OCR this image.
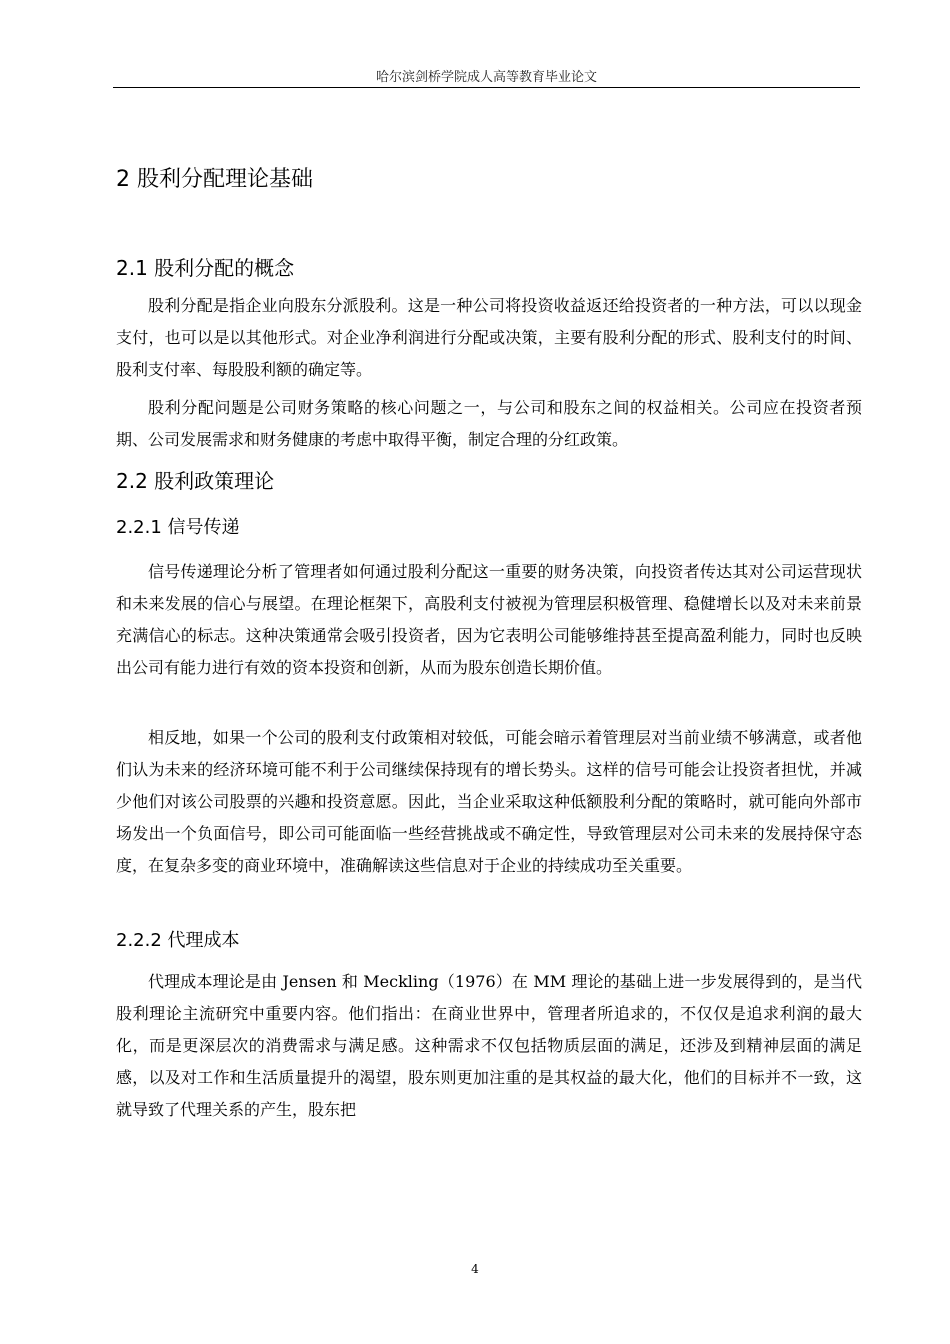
哈尔滨剑桥学院成人高等教育毕业论文
2 股利分配理论基础
2.1 股利分配的概念

股利分配是指企业向股东分派股利。这是一种公司将投资收益返还给投资者的一种方法，可以以现金支付，也可以是以其他形式。对企业净利润进行分配或决策，主要有股利分配的形式、股利支付的时间、股利支付率、每股股利额的确定等。

股利分配问题是公司财务策略的核心问题之一，与公司和股东之间的权益相关。公司应在投资者预期、公司发展需求和财务健康的考虑中取得平衡，制定合理的分红政策。

2.2 股利政策理论
2.2.1 信号传递

信号传递理论分析了管理者如何通过股利分配这一重要的财务决策，向投资者传达其对公司运营现状和未来发展的信心与展望。在理论框架下，高股利支付被视为管理层积极管理、稳健增长以及对未来前景充满信心的标志。这种决策通常会吸引投资者，因为它表明公司能够维持甚至提高盈利能力，同时也反映出公司有能力进行有效的资本投资和创新，从而为股东创造长期价值。

相反地，如果一个公司的股利支付政策相对较低，可能会暗示着管理层对当前业绩不够满意，或者他们认为未来的经济环境可能不利于公司继续保持现有的增长势头。这样的信号可能会让投资者担忧，并减少他们对该公司股票的兴趣和投资意愿。因此，当企业采取这种低额股利分配的策略时，就可能向外部市场发出一个负面信号，即公司可能面临一些经营挑战或不确定性，导致管理层对公司未来的发展持保守态度，在复杂多变的商业环境中，准确解读这些信息对于企业的持续成功至关重要。

2.2.2 代理成本

代理成本理论是由 Jensen 和 Meckling（1976）在 MM 理论的基础上进一步发展得到的，是当代股利理论主流研究中重要内容。他们指出：在商业世界中，管理者所追求的，不仅仅是追求利润的最大化，而是更深层次的消费需求与满足感。这种需求不仅包括物质层面的满足，还涉及到精神层面的满足感，以及对工作和生活质量提升的渴望，股东则更加注重的是其权益的最大化，他们的目标并不一致，这就导致了代理关系的产生，股东把

4
